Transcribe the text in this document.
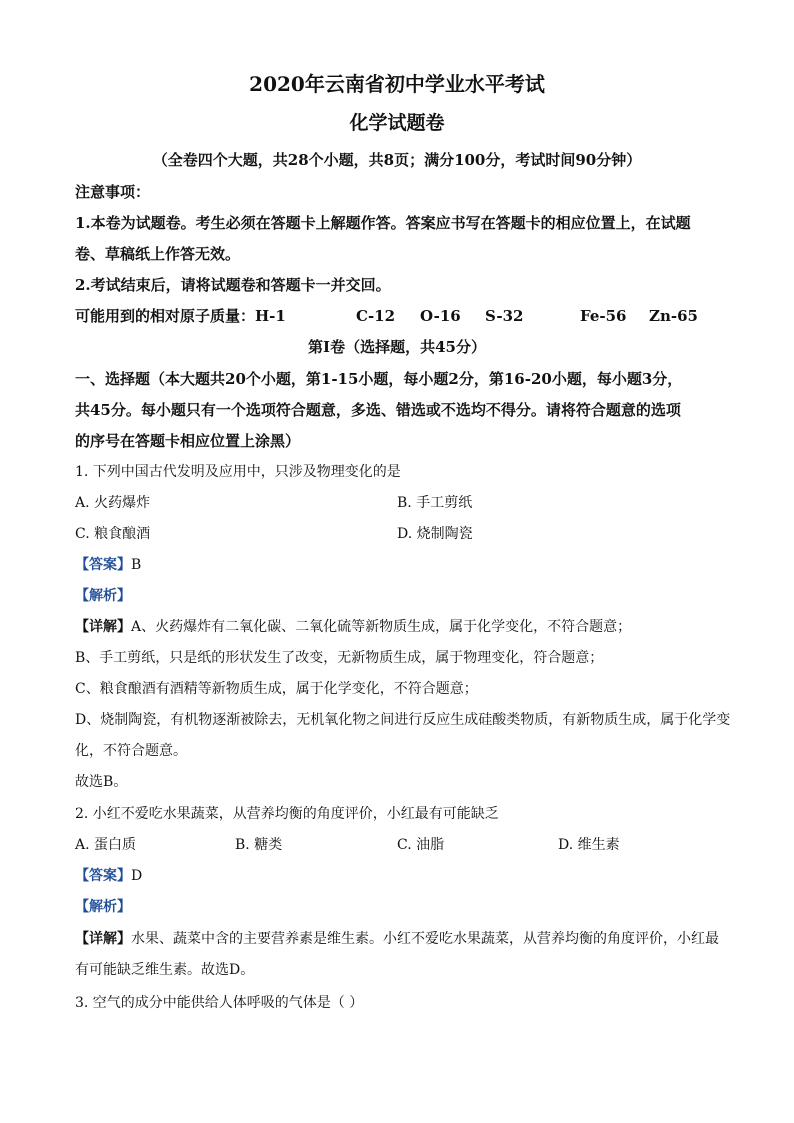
2020年云南省初中学业水平考试
化学试题卷
（全卷四个大题，共28个小题，共8页；满分100分，考试时间90分钟）
注意事项：
1.本卷为试题卷。考生必须在答题卡上解题作答。答案应书写在答题卡的相应位置上，在试题
卷、草稿纸上作答无效。
2.考试结束后，请将试题卷和答题卡一并交回。
可能用到的相对原子质量：H-1	C-12 O-16 S-32	Fe-56 Zn-65
第Ⅰ卷（选择题，共45分）
一、选择题（本大题共20个小题，第1-15小题，每小题2分，第16-20小题，每小题3分，
共45分。每小题只有一个选项符合题意，多选、错选或不选均不得分。请将符合题意的选项
的序号在答题卡相应位置上涂黑）
1. 下列中国古代发明及应用中，只涉及物理变化的是
A. 火药爆炸	B. 手工剪纸
C. 粮食酿酒	D. 烧制陶瓷
【答案】B
【解析】
【详解】A、火药爆炸有二氧化碳、二氧化硫等新物质生成，属于化学变化，不符合题意；
B、手工剪纸，只是纸的形状发生了改变，无新物质生成，属于物理变化，符合题意；
C、粮食酿酒有酒精等新物质生成，属于化学变化，不符合题意；
D、烧制陶瓷，有机物逐渐被除去，无机氧化物之间进行反应生成硅酸类物质，有新物质生成，属于化学变
化，不符合题意。
故选B。
2. 小红不爱吃水果蔬菜，从营养均衡的角度评价，小红最有可能缺乏
A. 蛋白质	B. 糖类	C. 油脂	D. 维生素
【答案】D
【解析】
【详解】水果、蔬菜中含的主要营养素是维生素。小红不爱吃水果蔬菜，从营养均衡的角度评价，小红最
有可能缺乏维生素。故选D。
3. 空气的成分中能供给人体呼吸的气体是（ ）
